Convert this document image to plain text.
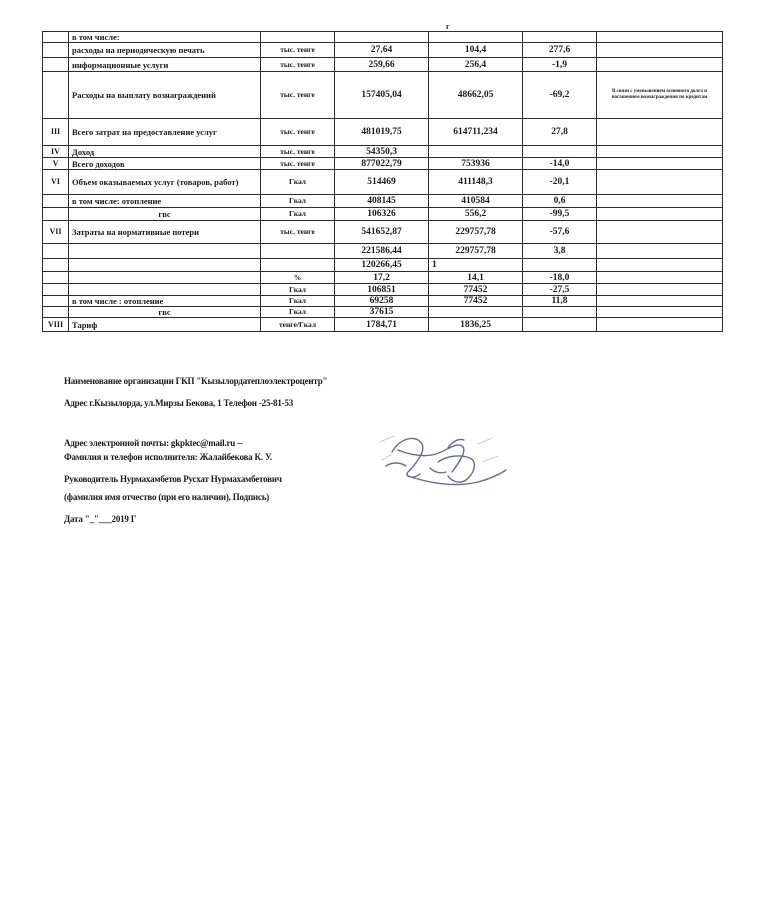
г
	в том числе:					
	расходы на периодическую печать	тыс. тенге	27,64	104,4	277,6	
	информационные услуги	тыс. тенге	259,66	256,4	-1,9	
	Расходы на выплату вознаграждений	тыс. тенге	157405,04	48662,05	-69,2	В связи с уменьшением основного долга и погашением вознаграждения по кредитам
III	Всего затрат на предоставление услуг	тыс. тенге	481019,75	614711,234	27,8	
IV	Доход	тыс. тенге	54350,3			
V	Всего доходов	тыс. тенге	877022,79	753936	-14,0	
VI	Объем оказываемых услуг (товаров, работ)	Гкал	514469	411148,3	-20,1	
	в том числе: отопление	Гкал	408145	410584	0,6	
	гвс	Гкал	106326	556,2	-99,5	
VII	Затраты на нормативные потери	тыс. тенге	541652,87	229757,78	-57,6	
			221586,44	229757,78	3,8	
			120266,45	1		
		%	17,2	14,1	-18,0	
		Гкал	106851	77452	-27,5	
	в том числе : отопление	Гкал	69258	77452	11,8	
	гвс	Гкал	37615			
VIII	Тариф	тенге/Гкал	1784,71	1836,25		
Наименование организации ГКП "Кызылордатеплоэлектроцентр"
Адрес г.Кызылорда, ул.Мирзы Бекова, 1 Телефон -25-81-53
Адрес электронной почты: gkpktec@mail.ru --
Фамилия и телефон исполнителя: Жалайбекова К. У.
Руководитель Нурмахамбетов Русхат Нурмахамбетович
(фамилия имя отчество (при его наличии), Подпись)
Дата "_"___2019 Г
